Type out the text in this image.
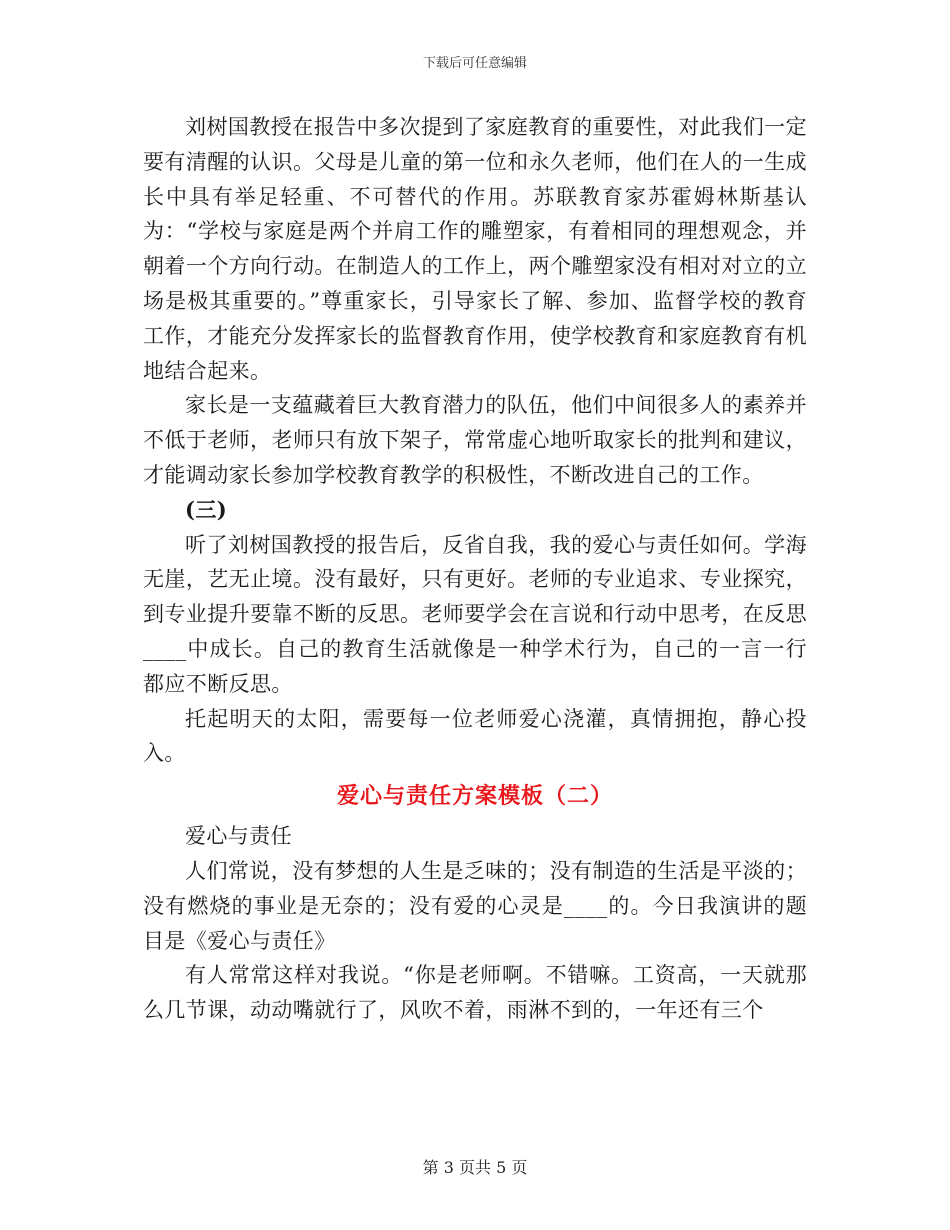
下载后可任意编辑

刘树国教授在报告中多次提到了家庭教育的重要性，对此我们一定要有清醒的认识。父母是儿童的第一位和永久老师，他们在人的一生成长中具有举足轻重、不可替代的作用。苏联教育家苏霍姆林斯基认为：“学校与家庭是两个并肩工作的雕塑家，有着相同的理想观念，并朝着一个方向行动。在制造人的工作上，两个雕塑家没有相对对立的立场是极其重要的。”尊重家长，引导家长了解、参加、监督学校的教育工作，才能充分发挥家长的监督教育作用，使学校教育和家庭教育有机地结合起来。

家长是一支蕴藏着巨大教育潜力的队伍，他们中间很多人的素养并不低于老师，老师只有放下架子，常常虚心地听取家长的批判和建议，才能调动家长参加学校教育教学的积极性，不断改进自己的工作。

(三)

听了刘树国教授的报告后，反省自我，我的爱心与责任如何。学海无崖，艺无止境。没有最好，只有更好。老师的专业追求、专业探究，到专业提升要靠不断的反思。老师要学会在言说和行动中思考，在反思____中成长。自己的教育生活就像是一种学术行为，自己的一言一行都应不断反思。

托起明天的太阳，需要每一位老师爱心浇灌，真情拥抱，静心投入。

爱心与责任方案模板（二）

爱心与责任

人们常说，没有梦想的人生是乏味的；没有制造的生活是平淡的；没有燃烧的事业是无奈的；没有爱的心灵是____的。今日我演讲的题目是《爱心与责任》

有人常常这样对我说。“你是老师啊。不错嘛。工资高，一天就那么几节课，动动嘴就行了，风吹不着，雨淋不到的，一年还有三个

第 3 页共 5 页
